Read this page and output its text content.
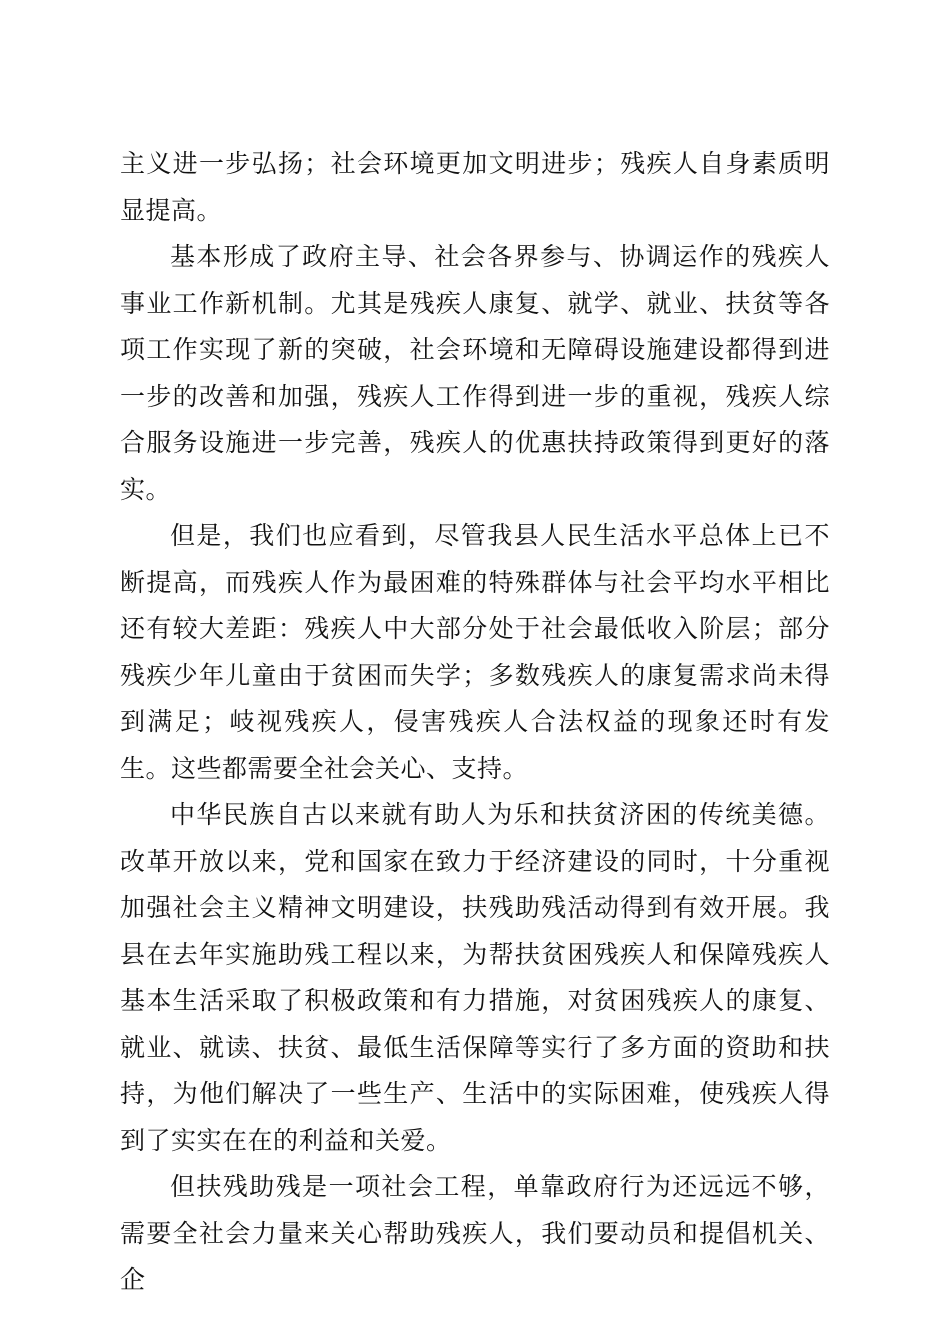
主义进一步弘扬；社会环境更加文明进步；残疾人自身素质明显提高。

基本形成了政府主导、社会各界参与、协调运作的残疾人事业工作新机制。尤其是残疾人康复、就学、就业、扶贫等各项工作实现了新的突破，社会环境和无障碍设施建设都得到进一步的改善和加强，残疾人工作得到进一步的重视，残疾人综合服务设施进一步完善，残疾人的优惠扶持政策得到更好的落实。

但是，我们也应看到，尽管我县人民生活水平总体上已不断提高，而残疾人作为最困难的特殊群体与社会平均水平相比还有较大差距：残疾人中大部分处于社会最低收入阶层；部分残疾少年儿童由于贫困而失学；多数残疾人的康复需求尚未得到满足；岐视残疾人，侵害残疾人合法权益的现象还时有发生。这些都需要全社会关心、支持。

中华民族自古以来就有助人为乐和扶贫济困的传统美德。改革开放以来，党和国家在致力于经济建设的同时，十分重视加强社会主义精神文明建设，扶残助残活动得到有效开展。我县在去年实施助残工程以来，为帮扶贫困残疾人和保障残疾人基本生活采取了积极政策和有力措施，对贫困残疾人的康复、就业、就读、扶贫、最低生活保障等实行了多方面的资助和扶持，为他们解决了一些生产、生活中的实际困难，使残疾人得到了实实在在的利益和关爱。

但扶残助残是一项社会工程，单靠政府行为还远远不够，需要全社会力量来关心帮助残疾人，我们要动员和提倡机关、企
